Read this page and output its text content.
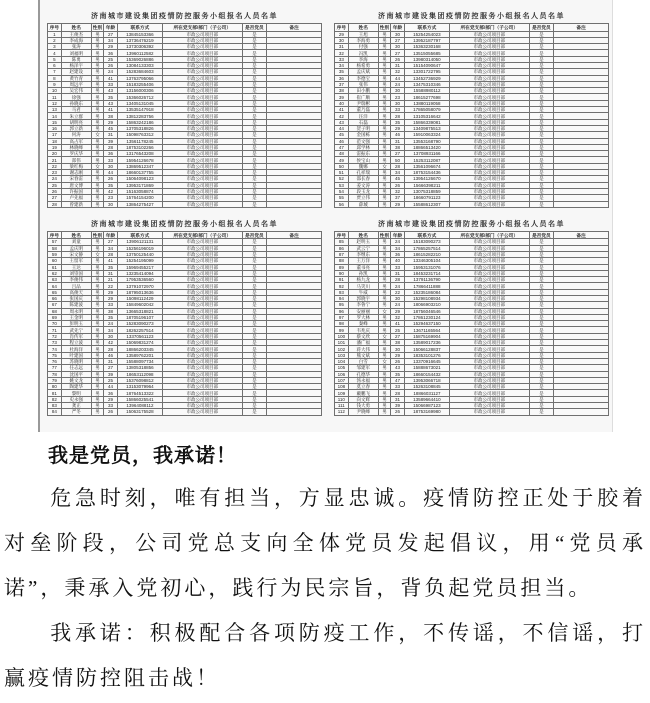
济南城市建设集团疫情防控服务小组报名人员名单
序号	姓名	性别	年龄	联系方式	所在党支部/部门（子公司）	是否党员	备注
1	王俊杰	男	27	13845153366	市政公司项目部	是	
2	李成海	男	34	13736476219	市政公司项目部	是	
3	张涛	男	29	13730306392	市政公司项目部	是	
4	刘福明	男	36	13960112582	市政公司项目部	是	
5	陈勇	男	25	15369026886	市政公司项目部	是	
6	杨泽宇	男	26	13084133303	市政公司项目部	是	
7	赵建设	男	24	15283684603	市政公司项目部	是	
8	黄竹青	男	41	13763795066	市政公司项目部	是	
9	周远平	男	33	15183255406	市政公司项目部	是	
10	吴宏伟	男	43	13156000306	市政公司项目部	是	
11	徐强	男	35	15366026712	市政公司项目部	是	
12	孙晓东	男	43	13405131045	市政公司项目部	是	
13	马君	男	41	13535147918	市政公司项目部	是	
14	朱立群	男	38	13812283756	市政公司项目部	是	
15	胡明亮	男	29	15863242186	市政公司项目部	是	
16	郭立新	男	45	13705318826	市政公司项目部	是	
17	何涛	女	31	15098763312	市政公司项目部	是	
18	高占军	男	39	13561178245	市政公司项目部	是	
19	林晓峰	男	28	18753102266	市政公司项目部	是	
20	罗庆华	男	36	13176543208	市政公司项目部	是	
21	郑伟	男	33	15954126678	市政公司项目部	是	
22	梁红梅	女	30	13869512347	市政公司项目部	是	
23	谢志刚	男	44	18660137755	市政公司项目部	是	
24	宋春雷	男	26	15064098123	市政公司项目部	是	
25	唐文博	男	35	13953171869	市政公司项目部	是	
26	许振国	男	42	15163058874	市政公司项目部	是	
27	卢先福	男	23	15764154200	市政公司项目部	是	
28	曾建新	男	30	13864275427	市政公司项目部	是	
济南城市建设集团疫情防控服务小组报名人员名单
序号	姓名	性别	年龄	联系方式	所在党支部/部门（子公司）	是否党员	备注
29	王旭	男	30	15254254023	市政公司项目部	是	
30	李海勇	男	27	13952187797	市政公司项目部	是	
31	付强	男	30	15363230168	市政公司项目部	是	
32	冯凯	男	27	13515055685	市政公司项目部	是	
33	李海	男	26	13980314050	市政公司项目部	是	
34	杨希勇	男	31	15154090647	市政公司项目部	是	
35	孟庆斌	男	32	13301722795	市政公司项目部	是	
36	李德宝	男	44	13452736929	市政公司项目部	是	
37	张伟	男	24	13475310346	市政公司项目部	是	
38	田小鹏	男	30	15588980112	市政公司项目部	是	
39	崔广顺	男	23	18615277698	市政公司项目部	是	
40	尹瑞彬	男	30	13880119058	市政公司项目部	是	
41	董乃磊	男	33	17865058079	市政公司项目部	是	
42	汪洋	男	28	13105316642	市政公司项目部	是	
43	石磊	男	35	15866339081	市政公司项目部	是	
44	贺子明	男	29	13409875513	市政公司项目部	是	
45	金国栋	男	46	15910063324	市政公司项目部	是	
46	范文强	男	31	13553168790	市政公司项目部	是	
47	邱学林	男	38	18866513420	市政公司项目部	是	
48	雷振东	男	27	13708931166	市政公司项目部	是	
49	侯宝山	男	50	15253112087	市政公司项目部	是	
50	魏娜	女	28	13561096674	市政公司项目部	是	
51	孔祥瑞	男	34	18753154436	市政公司项目部	是	
52	邵长春	男	45	13954126670	市政公司项目部	是	
53	姜文涛	男	26	15666398211	市政公司项目部	是	
54	段玉龙	男	32	13075318859	市政公司项目部	是	
55	贾立伟	男	37	18660791123	市政公司项目部	是	
56	薛城	男	29	15588612307	市政公司项目部	是	
济南城市建设集团疫情防控服务小组报名人员名单
序号	姓名	性别	年龄	联系方式	所在党支部/部门（子公司）	是否党员	备注
57	刘童	男	27	13906121131	市政公司项目部	是	
58	孟庆明	男	34	15256196019	市政公司项目部	是	
59	宋文静	女	28	13750125440	市政公司项目部	是	
60	王留军	男	41	15254195099	市政公司项目部	是	
61	王达	男	35	15969455217	市政公司项目部	是	
62	刘崇国	男	31	13235414094	市政公司项目部	是	
63	李俊伟	男	21	17953536560	市政公司项目部	是	
64	吕品	男	22	13791072970	市政公司项目部	是	
65	高俊天	男	29	18795013636	市政公司项目部	是	
66	张国庆	男	29	15098112429	市政公司项目部	是	
67	陈建波	男	33	15849602042	市政公司项目部	是	
68	周永明	男	38	13665318821	市政公司项目部	是	
69	王金明	男	35	18705196107	市政公司项目部	是	
70	彭明玉	男	24	15283090273	市政公司项目部	是	
71	武先宁	男	34	18262257514	市政公司项目部	是	
72	肖传军	男	30	13370561123	市政公司项目部	是	
73	程立波	男	42	15069831274	市政公司项目部	是	
74	杜海洋	男	28	18866203345	市政公司项目部	是	
75	叶建国	男	46	13589762201	市政公司项目部	是	
76	苏晓明	男	31	15588097734	市政公司项目部	是	
77	任志远	男	27	13805318856	市政公司项目部	是	
78	沈国平	男	39	18653112098	市政公司项目部	是	
79	姚文龙	男	25	15376098812	市政公司项目部	是	
80	陶建华	男	44	13153079964	市政公司项目部	是	
81	黎明	男	36	18764513322	市政公司项目部	是	
82	史永强	男	29	15866025541	市政公司项目部	是	
83	龚正	男	33	13964088112	市政公司项目部	是	
84	严冬	男	26	15063175528	市政公司项目部	是	
济南城市建设集团疫情防控服务小组报名人员名单
序号	姓名	性别	年龄	联系方式	所在党支部/部门（子公司）	是否党员	备注
85	赵明玉	男	24	15183090273	市政公司项目部	是	
86	武云宁	男	34	17865257514	市政公司项目部	是	
87	李继东	男	36	18615282210	市政公司项目部	是	
88	王万洋	男	40	13346305104	市政公司项目部	是	
89	董书亮	男	33	15953131076	市政公司项目部	是	
90	孙凯	男	31	18453231714	市政公司项目部	是	
91	杨九龙	男	28	13791136790	市政公司项目部	是	
92	马笑川	男	24	17866411888	市政公司项目部	是	
93	牛威	男	22	15235186084	市政公司项目部	是	
94	郭晓宇	男	30	15298108934	市政公司项目部	是	
95	李鲁宁	男	24	18066903210	市政公司项目部	是	
96	安丽丽	女	29	18756046546	市政公司项目部	是	
97	罗大林	男	32	17861230124	市政公司项目部	是	
98	秦峰	男	41	15294637150	市政公司项目部	是	
99	韦兆庆	男	25	13671165564	市政公司项目部	是	
100	蔡文欣	女	27	15875169904	市政公司项目部	是	
101	潘广福	男	38	13589017236	市政公司项目部	是	
102	蒋大伟	男	30	15066128837	市政公司项目部	是	
103	熊文斌	男	29	18353101276	市政公司项目部	是	
104	白雪	女	26	13370916645	市政公司项目部	是	
105	邹建军	男	43	15888673021	市政公司项目部	是	
106	孔德华	男	35	18660154432	市政公司项目部	是	
107	汤永福	男	47	13953066718	市政公司项目部	是	
108	莫立春	男	33	15263108845	市政公司项目部	是	
109	戴鹏飞	男	28	18866031127	市政公司项目部	是	
110	向文辉	男	31	13589664410	市政公司项目部	是	
111	钱大勇	男	39	15066987123	市政公司项目部	是	
112	尹晓峰	男	26	18753169980	市政公司项目部	是	
我是党员，我承诺！

危急时刻，唯有担当，方显忠诚。疫情防控正处于胶着对垒阶段，公司党总支向全体党员发起倡议，用“党员承诺”，秉承入党初心，践行为民宗旨，背负起党员担当。

我承诺：积极配合各项防疫工作，不传谣，不信谣，打赢疫情防控阻击战！
